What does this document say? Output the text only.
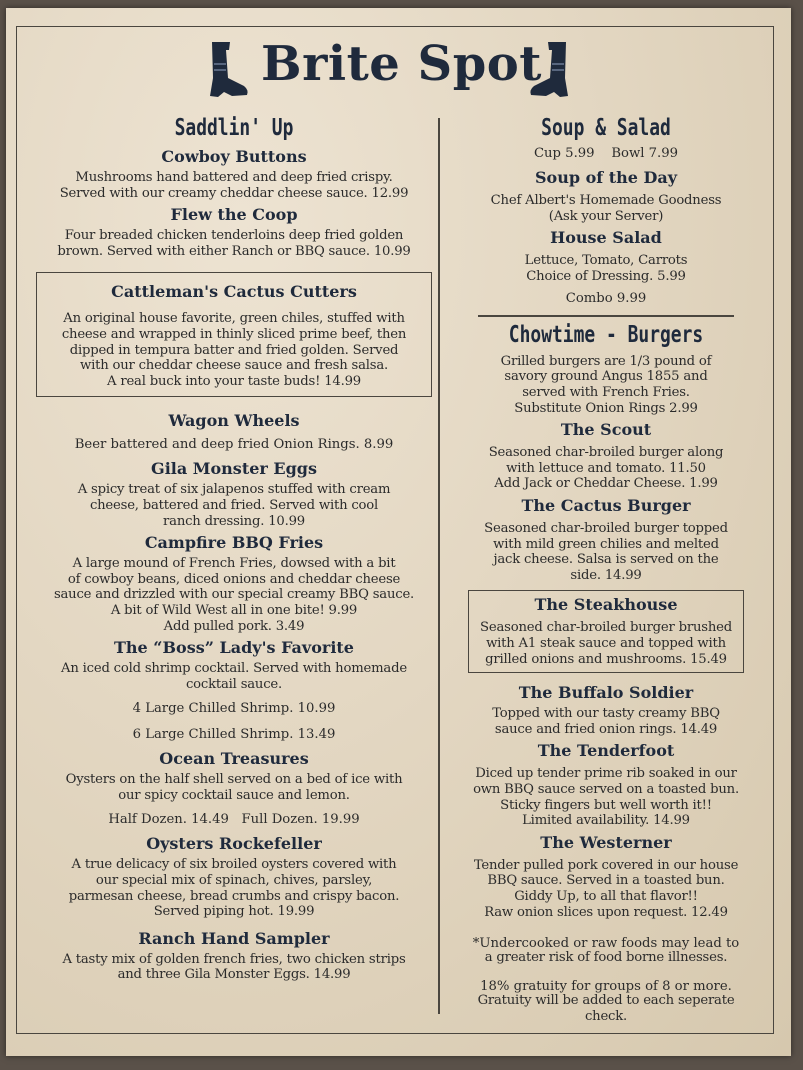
Brite Spot

Saddlin' Up

Cowboy Buttons
Mushrooms hand battered and deep fried crispy.
Served with our creamy cheddar cheese sauce. 12.99
Flew the Coop
Four breaded chicken tenderloins deep fried golden
brown. Served with either Ranch or BBQ sauce. 10.99
Cattleman's Cactus Cutters
An original house favorite, green chiles, stuffed with
cheese and wrapped in thinly sliced prime beef, then
dipped in tempura batter and fried golden. Served
with our cheddar cheese sauce and fresh salsa.
A real buck into your taste buds! 14.99
Wagon Wheels
Beer battered and deep fried Onion Rings. 8.99
Gila Monster Eggs
A spicy treat of six jalapenos stuffed with cream
cheese, battered and fried. Served with cool
ranch dressing. 10.99
Campfire BBQ Fries
A large mound of French Fries, dowsed with a bit
of cowboy beans, diced onions and cheddar cheese
sauce and drizzled with our special creamy BBQ sauce.
A bit of Wild West all in one bite! 9.99
Add pulled pork. 3.49
The “Boss” Lady's Favorite
An iced cold shrimp cocktail. Served with homemade
cocktail sauce.
4 Large Chilled Shrimp. 10.99
6 Large Chilled Shrimp. 13.49
Ocean Treasures
Oysters on the half shell served on a bed of ice with
our spicy cocktail sauce and lemon.
Half Dozen. 14.49   Full Dozen. 19.99
Oysters Rockefeller
A true delicacy of six broiled oysters covered with
our special mix of spinach, chives, parsley,
parmesan cheese, bread crumbs and crispy bacon.
Served piping hot. 19.99
Ranch Hand Sampler
A tasty mix of golden french fries, two chicken strips
and three Gila Monster Eggs. 14.99

Soup & Salad

Cup 5.99    Bowl 7.99
Soup of the Day
Chef Albert's Homemade Goodness
(Ask your Server)
House Salad
Lettuce, Tomato, Carrots
Choice of Dressing. 5.99
Combo 9.99

Chowtime - Burgers

Grilled burgers are 1/3 pound of
savory ground Angus 1855 and
served with French Fries.
Substitute Onion Rings 2.99
The Scout
Seasoned char-broiled burger along
with lettuce and tomato. 11.50
Add Jack or Cheddar Cheese. 1.99
The Cactus Burger
Seasoned char-broiled burger topped
with mild green chilies and melted
jack cheese. Salsa is served on the
side. 14.99
The Steakhouse
Seasoned char-broiled burger brushed
with A1 steak sauce and topped with
grilled onions and mushrooms. 15.49
The Buffalo Soldier
Topped with our tasty creamy BBQ
sauce and fried onion rings. 14.49
The Tenderfoot
Diced up tender prime rib soaked in our
own BBQ sauce served on a toasted bun.
Sticky fingers but well worth it!!
Limited availability. 14.99
The Westerner
Tender pulled pork covered in our house
BBQ sauce. Served in a toasted bun.
Giddy Up, to all that flavor!!
Raw onion slices upon request. 12.49
*Undercooked or raw foods may lead to
a greater risk of food borne illnesses.
18% gratuity for groups of 8 or more.
Gratuity will be added to each seperate
check.
